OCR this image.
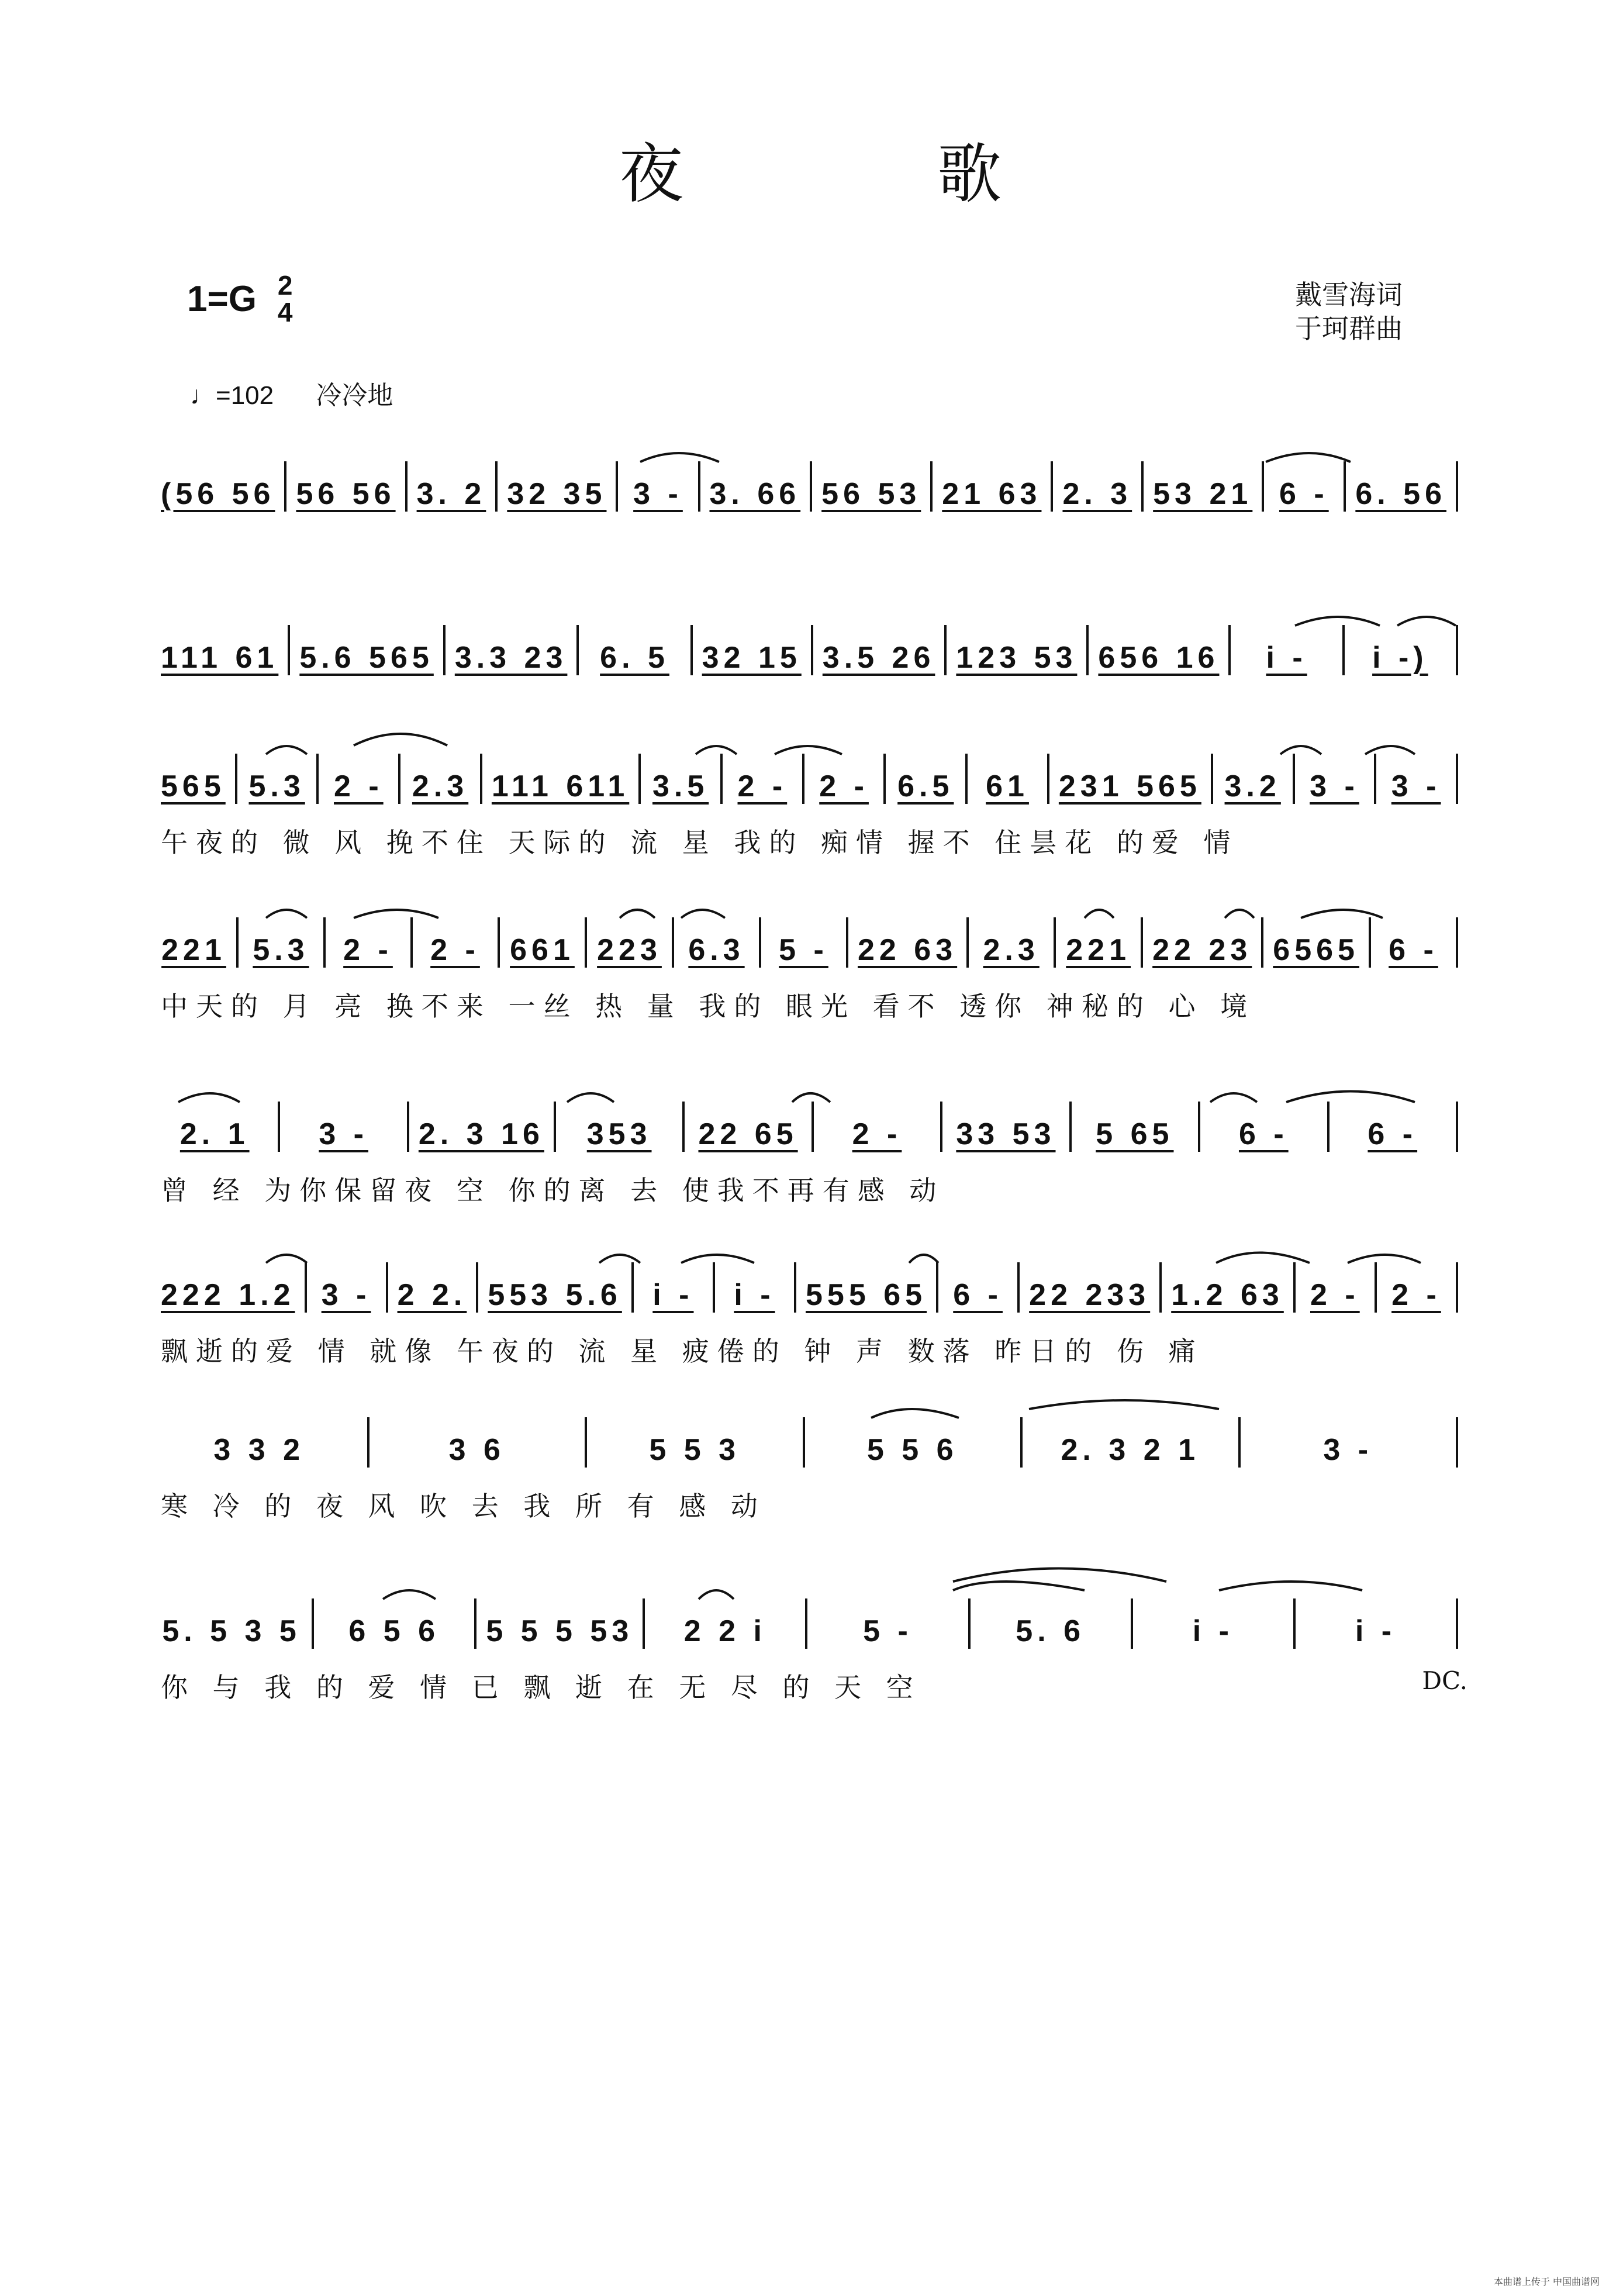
夜	歌
1=G 2
4
♩=102 冷冷地
戴雪海词
于珂群曲
(56 56 56 56 3. 2 32 35 3 - 3. 66 56 53 21 63 2. 3 53 21 6 - 6. 56
111 61 5.6 565 3.3 23	6. 5	32 15 3.5 26 123 53 656 16	i -	i -)
565 5.3 2 - 2.3 111 611 3.5 2 - 2 - 6.5 61 231 565 3.2 3 - 3 -
午夜的 微 风 挽不住 天际的 流 星 我的 痴情 握不 住昙花 的爱 情
221 5.3 2 - 2 - 661 223 6.3 5 - 22 63 2.3 221 22 23 6565 6 -
中天的 月 亮 换不来 一丝 热 量 我的 眼光 看不 透你 神秘的 心 境
2. 1	3 -	2. 3 16	353	22 65	2 -	33 53	5 65	6 -	6 -
曾 经 为你保留夜 空 你的离 去 使我不再有感 动
222 1.2 3 - 2 2. 553 5.6	i -	i -	555 65 6 - 22 233 1.2 63 2 - 2 -
飘逝的爱 情 就像 午夜的 流 星 疲倦的 钟 声 数落 昨日的 伤 痛
3 3 2	3 6	5 5 3	5 5 6	2. 3 2 1	3 -
寒 冷 的 夜 风 吹 去 我 所 有 感 动
5. 5 3 5	6 5 6	5 5 5 53	2 2 i	5 -	5. 6	i -	i -
你 与 我 的 爱 情 已 飘 逝 在 无 尽 的 天 空	DC.
本曲谱上传于 中国曲谱网
